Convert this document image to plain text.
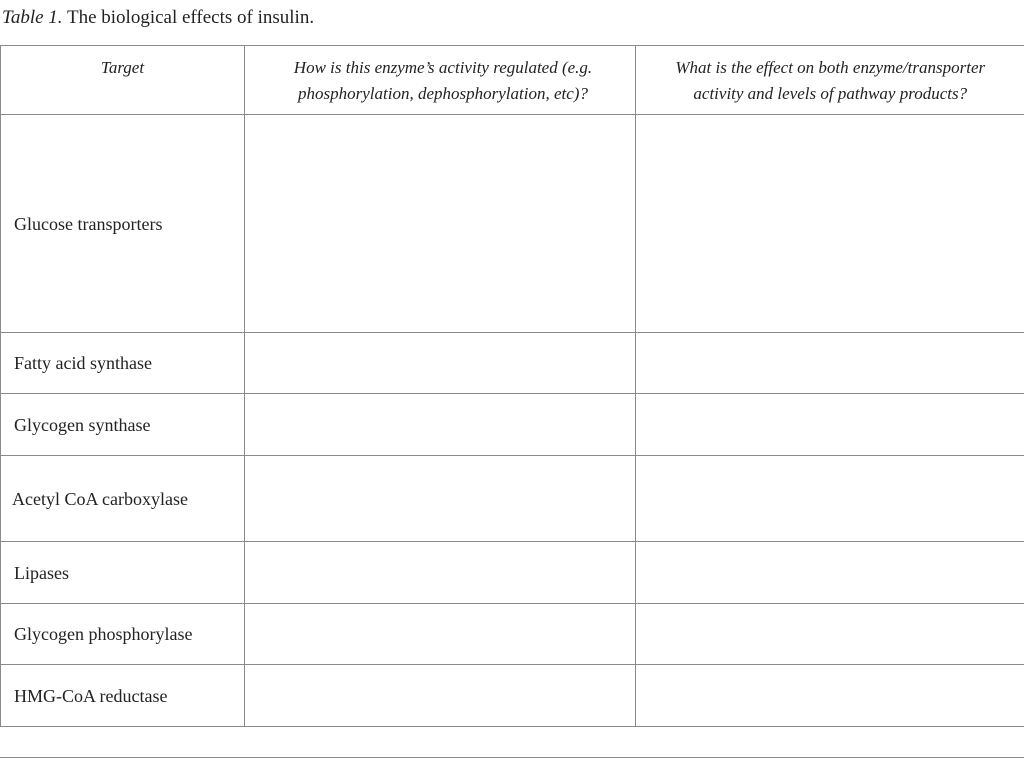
Table 1. The biological effects of insulin.
Target	How is this enzyme’s activity regulated (e.g. phosphorylation, dephosphorylation, etc)?	What is the effect on both enzyme/transporter activity and levels of pathway products?
Glucose transporters		
Fatty acid synthase		
Glycogen synthase		
Acetyl CoA carboxylase		
Lipases		
Glycogen phosphorylase		
HMG-CoA reductase		
